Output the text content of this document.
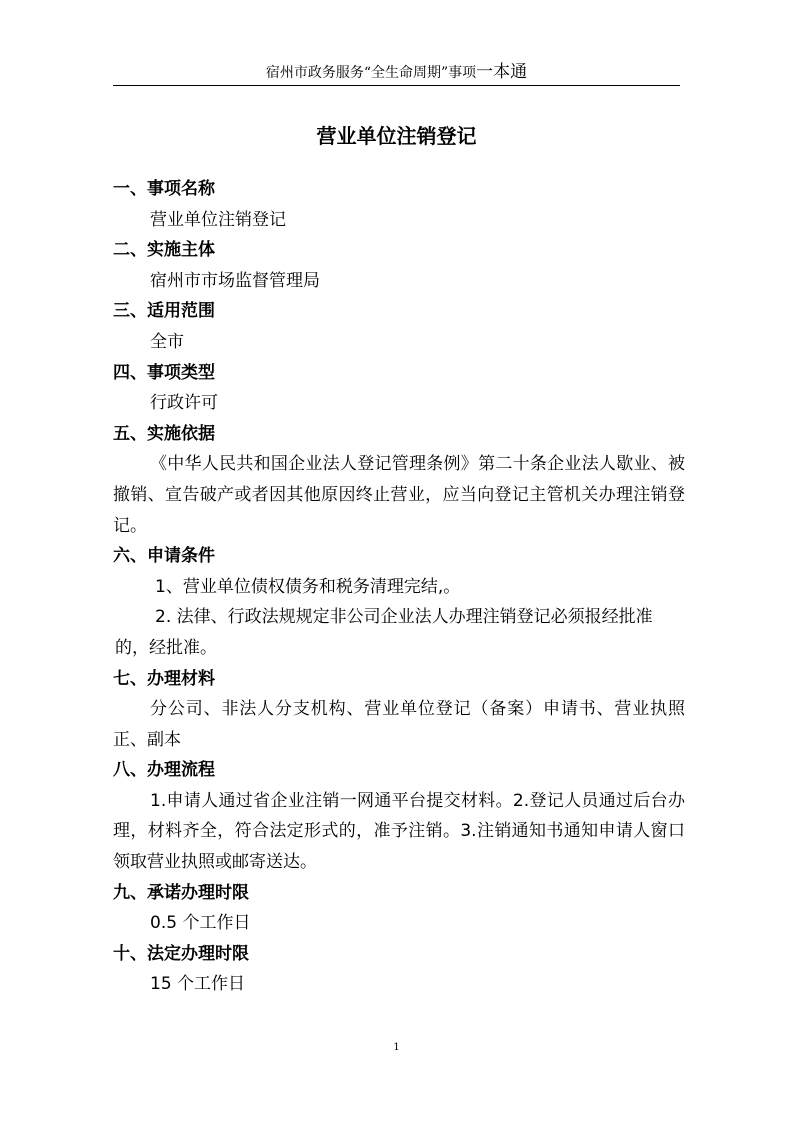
宿州市政务服务“全生命周期”事项一本通
营业单位注销登记
一、事项名称
营业单位注销登记
二、实施主体
宿州市市场监督管理局
三、适用范围
全市
四、事项类型
行政许可
五、实施依据
《中华人民共和国企业法人登记管理条例》第二十条企业法人歇业、被撤销、宣告破产或者因其他原因终止营业，应当向登记主管机关办理注销登记。
六、申请条件
1、营业单位债权债务和税务清理完结,。
2. 法律、行政法规规定非公司企业法人办理注销登记必须报经批准的，经批准。
七、办理材料
分公司、非法人分支机构、营业单位登记（备案）申请书、营业执照正、副本
八、办理流程
1.申请人通过省企业注销一网通平台提交材料。2.登记人员通过后台办理，材料齐全，符合法定形式的，准予注销。3.注销通知书通知申请人窗口领取营业执照或邮寄送达。
九、承诺办理时限
0.5 个工作日
十、法定办理时限
15 个工作日
1
